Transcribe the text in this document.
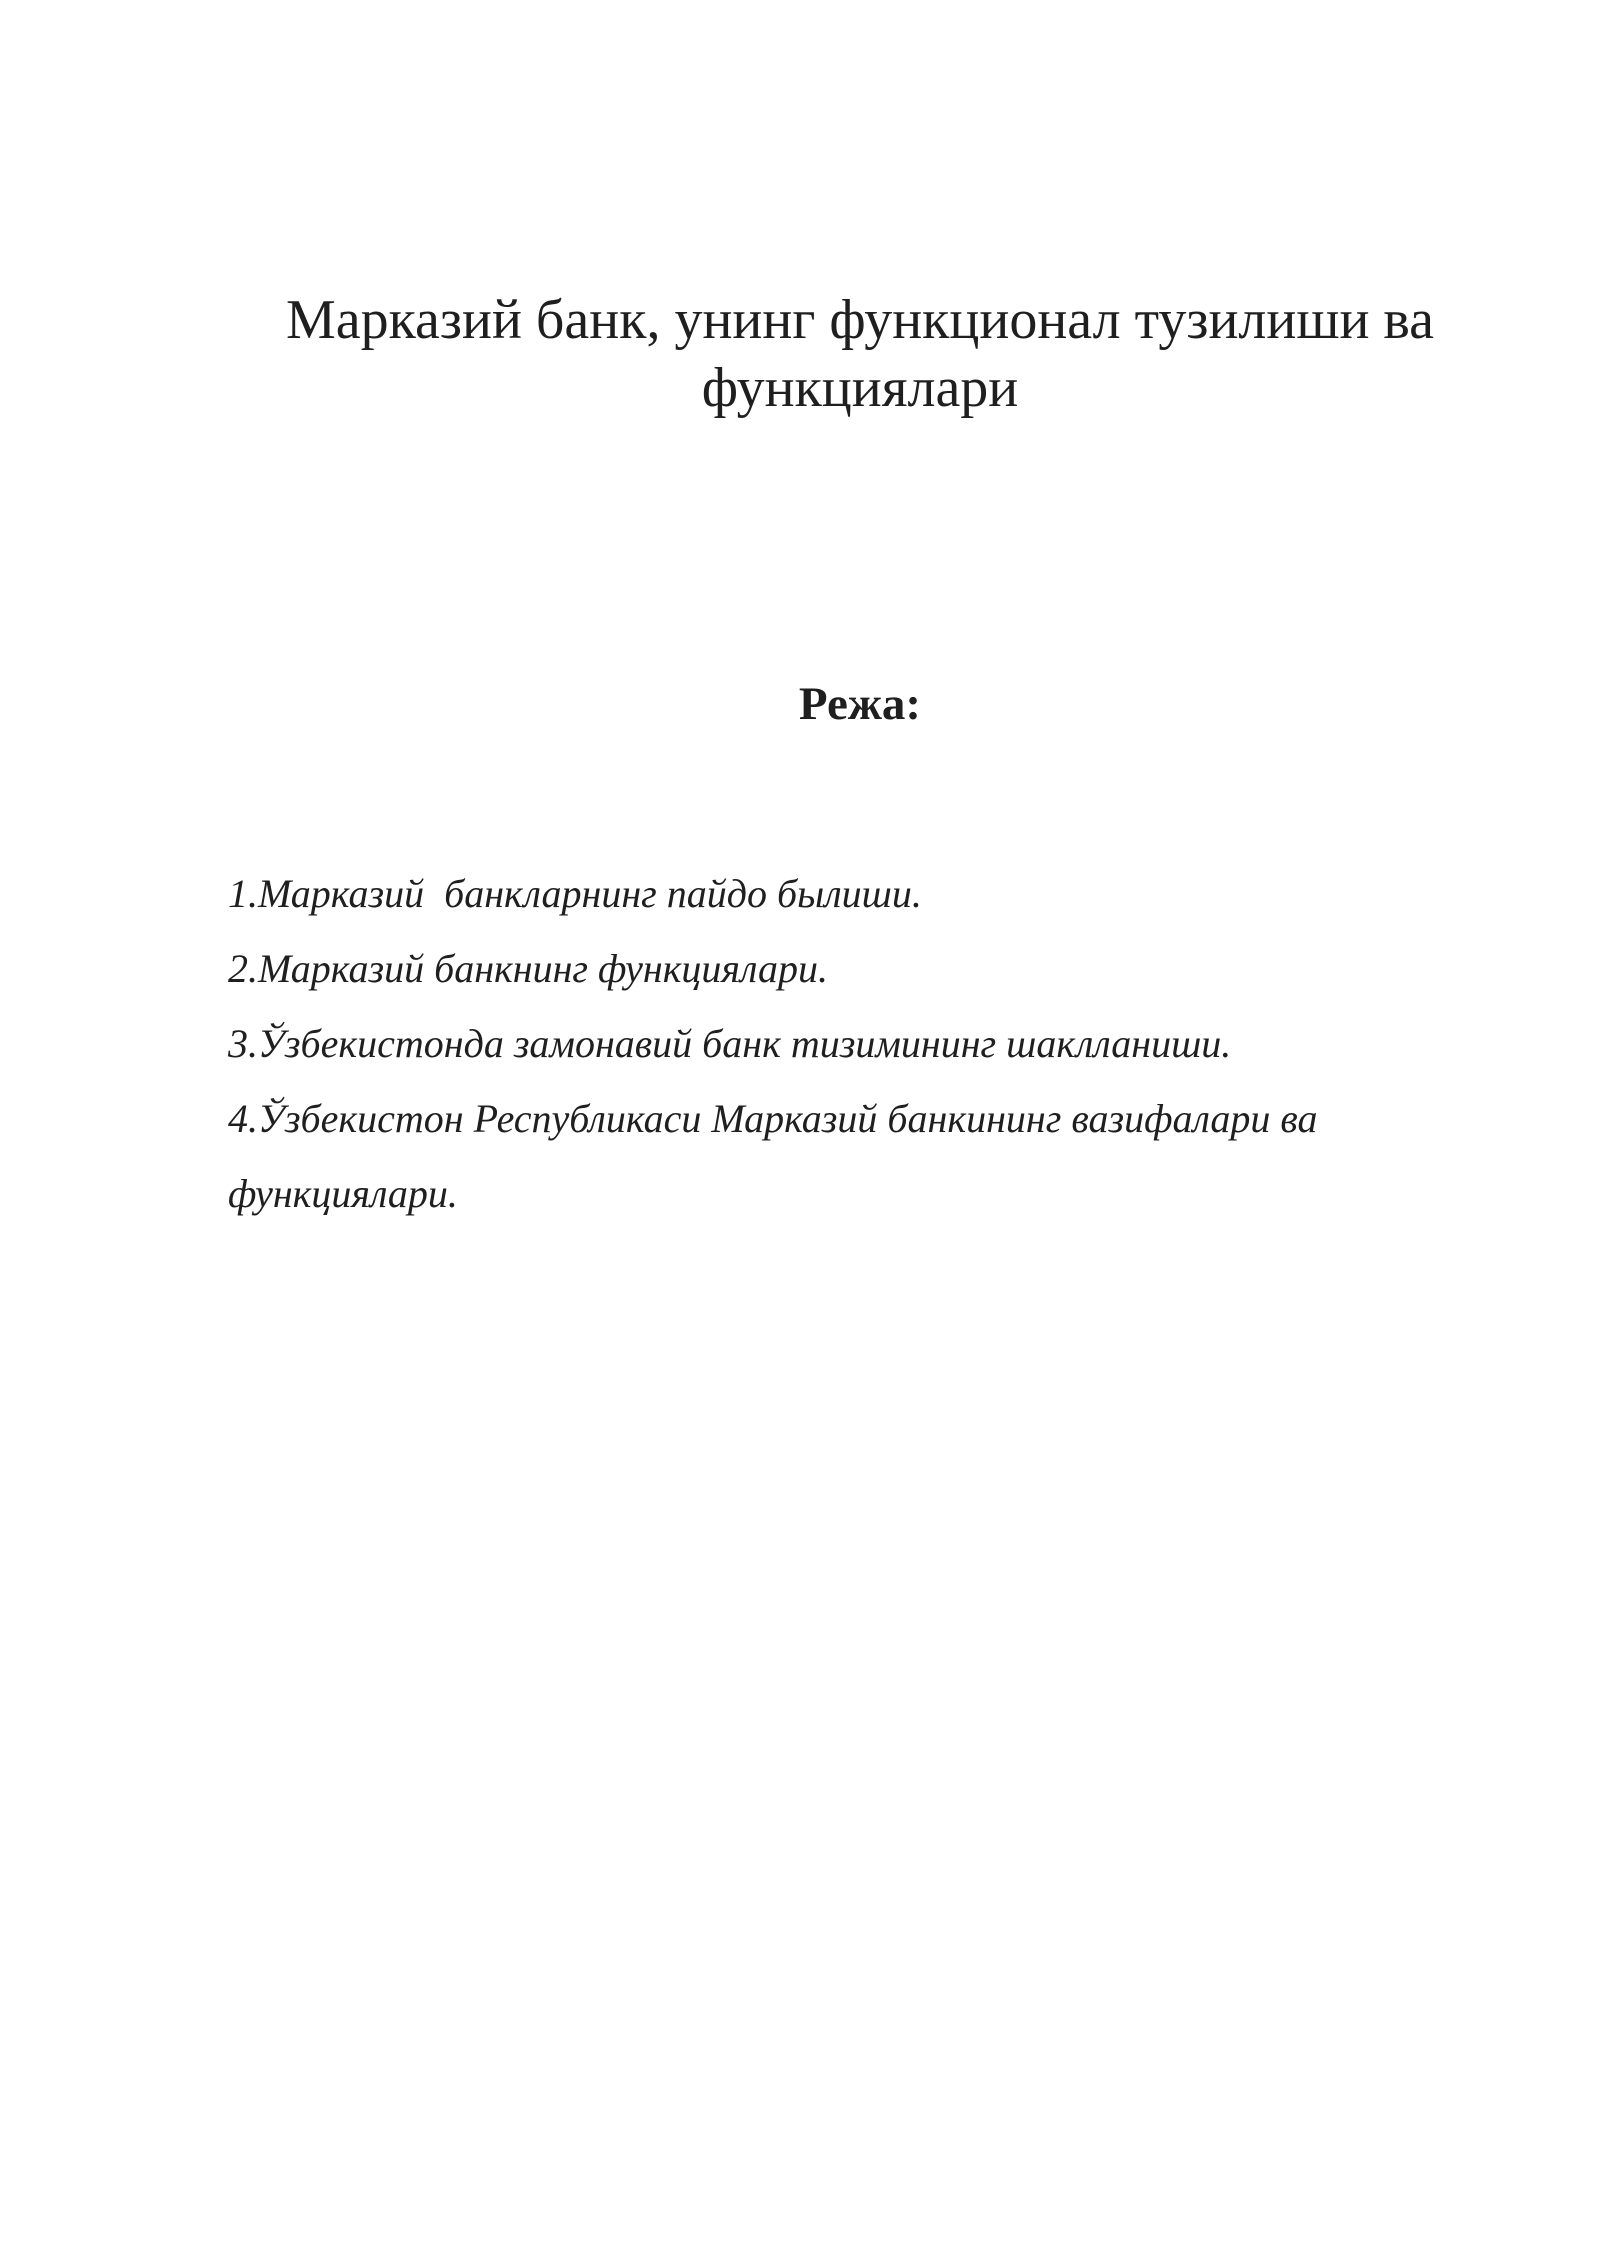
Марказий банк, унинг функционал тузилиши ва функциялари
Режа:
1.Марказий  банкларнинг пайдо былиши.
2.Марказий банкнинг функциялари.
3.Ўзбекистонда замонавий банк тизимининг шаклланиши.
4.Ўзбекистон Республикаси Марказий банкининг вазифалари ва функциялари.
